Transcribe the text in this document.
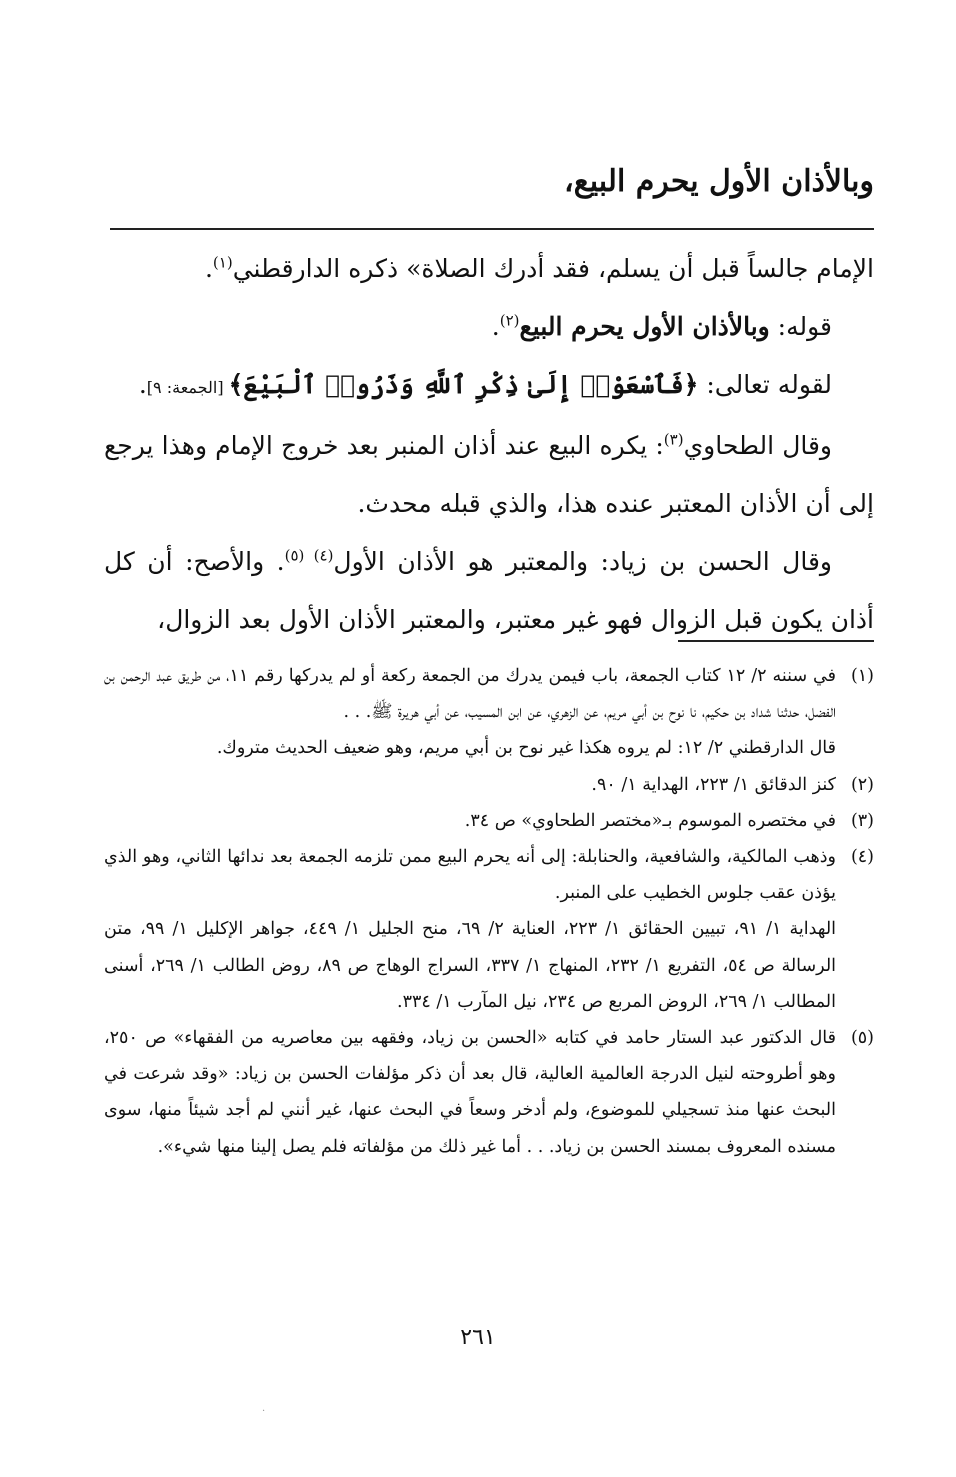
وبالأذان الأول يحرم البيع،

الإمام جالساً قبل أن يسلم، فقد أدرك الصلاة» ذكره الدارقطني$^{(١)}$.

قوله: وبالأذان الأول يحرم البيع$^{(٢)}$.

لقوله تعالى: ﴿فَٱسْعَوْا۟ إِلَىٰ ذِكْرِ ٱللَّهِ وَذَرُوا۟ ٱلْبَيْعَ﴾ [الجمعة: ٩].

وقال الطحاوي$^{(٣)}$: يكره البيع عند أذان المنبر بعد خروج الإمام وهذا يرجع إلى أن الأذان المعتبر عنده هذا، والذي قبله محدث.

وقال الحسن بن زياد: والمعتبر هو الأذان الأول$^{(٤) (٥)}$. والأصح: أن كل أذان يكون قبل الزوال فهو غير معتبر، والمعتبر الأذان الأول بعد الزوال،

(١)

في سننه ٢/ ١٢ كتاب الجمعة، باب فيمن يدرك من الجمعة ركعة أو لم يدركها رقم ١١، من طريق عبد الرحمن بن الفضل، حدثنا شداد بن حكيم، نا نوح بن أبي مريم، عن الزهري، عن ابن المسيب، عن أبي هريرة ﷺ. . .

قال الدارقطني ٢/ ١٢: لم يروه هكذا غير نوح بن أبي مريم، وهو ضعيف الحديث متروك.

(٢)

كنز الدقائق ١/ ٢٢٣، الهداية ١/ ٩٠.

(٣)

في مختصره الموسوم بـ«مختصر الطحاوي» ص ٣٤.

(٤)

وذهب المالكية، والشافعية، والحنابلة: إلى أنه يحرم البيع ممن تلزمه الجمعة بعد ندائها الثاني، وهو الذي يؤذن عقب جلوس الخطيب على المنبر.

الهداية ١/ ٩١، تبيين الحقائق ١/ ٢٢٣، العناية ٢/ ٦٩، منح الجليل ١/ ٤٤٩، جواهر الإكليل ١/ ٩٩، متن الرسالة ص ٥٤، التفريع ١/ ٢٣٢، المنهاج ١/ ٣٣٧، السراج الوهاج ص ٨٩، روض الطالب ١/ ٢٦٩، أسنى المطالب ١/ ٢٦٩، الروض المربع ص ٢٣٤، نيل المآرب ١/ ٣٣٤.

(٥)

قال الدكتور عبد الستار حامد في كتابه «الحسن بن زياد، وفقهه بين معاصريه من الفقهاء» ص ٢٥٠، وهو أطروحته لنيل الدرجة العالمية العالية، قال بعد أن ذكر مؤلفات الحسن بن زياد: «وقد شرعت في البحث عنها منذ تسجيلي للموضوع، ولم أدخر وسعاً في البحث عنها، غير أنني لم أجد شيئاً منها، سوى مسنده المعروف بمسند الحسن بن زياد. . . أما غير ذلك من مؤلفاته فلم يصل إلينا منها شيء».

٢٦١
·
